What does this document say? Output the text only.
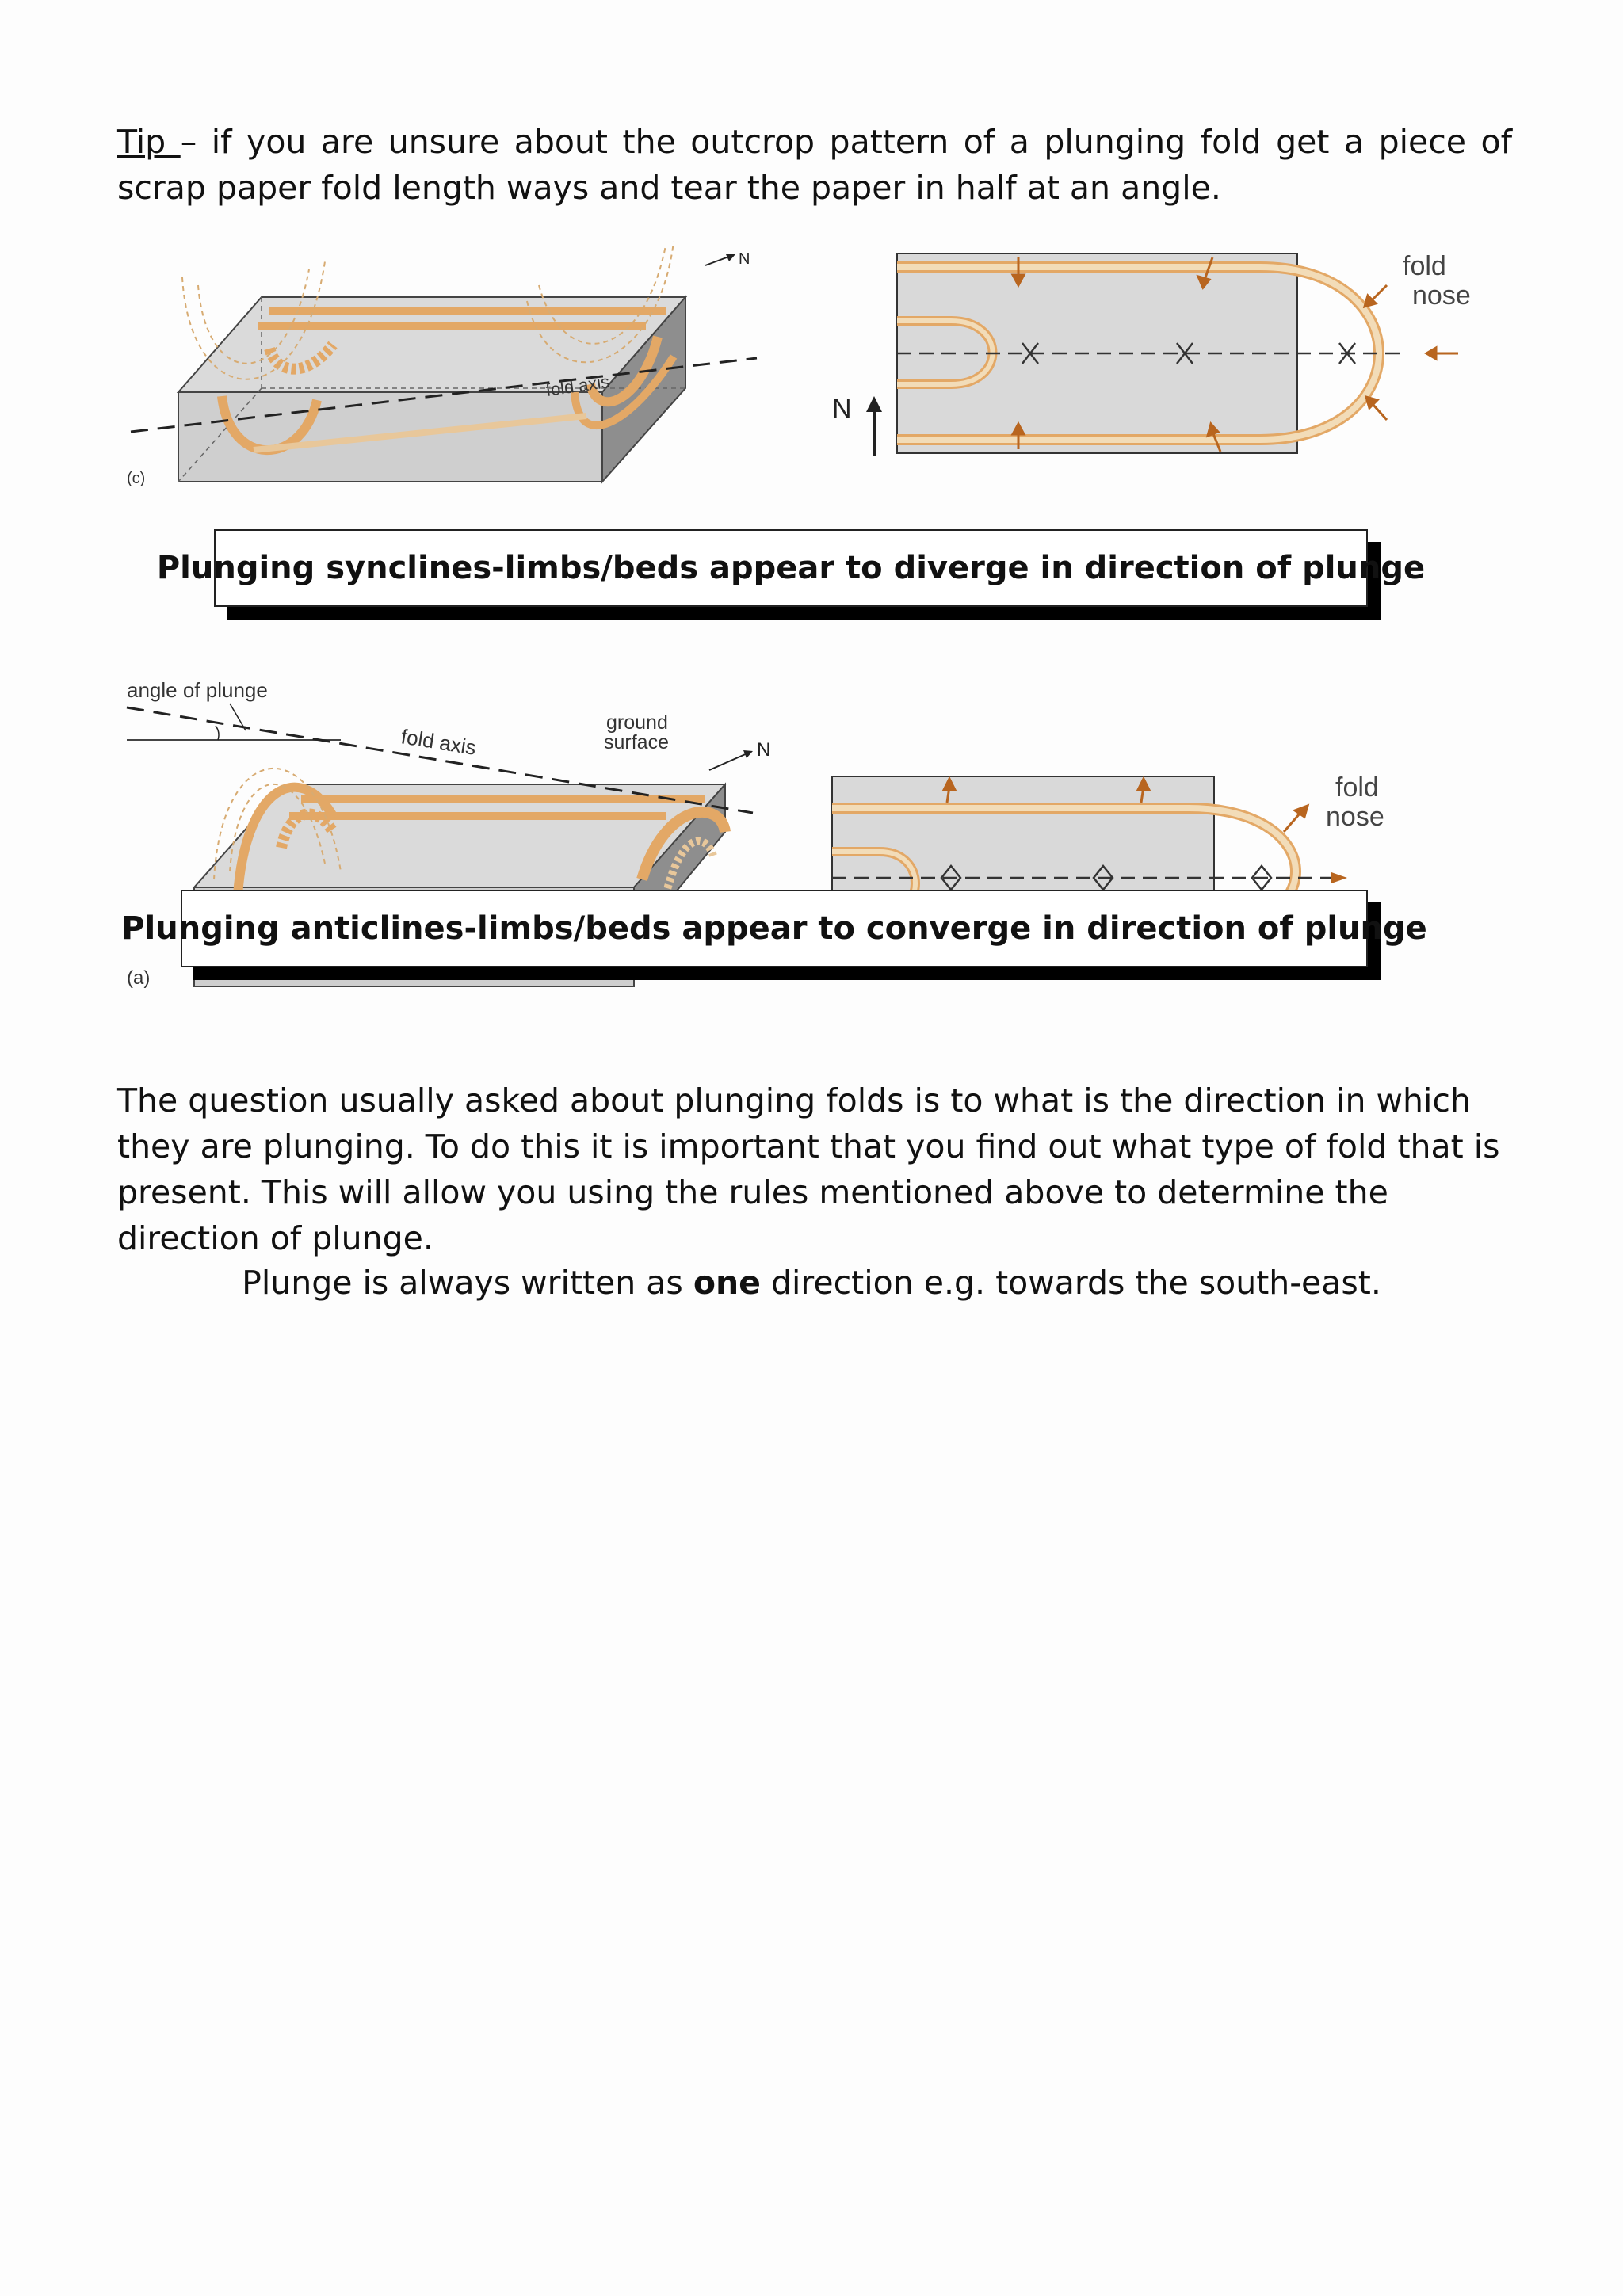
Tip – if you are unsure about the outcrop pattern of a plunging fold get a piece of scrap paper fold length ways and tear the paper in half at an angle.

fold axis
N
(c)
N
fold
nose
Plunging synclines-limbs/beds appear to diverge in direction of plunge
angle of plunge
fold axis
ground
surface	N
(a)
fold
nose
Plunging anticlines-limbs/beds appear to converge in direction of plunge

The question usually asked about plunging folds is to what is the direction in which they are plunging. To do this it is important that you find out what type of fold that is present. This will allow you using the rules mentioned above to determine the direction of plunge.

Plunge is always written as one direction e.g. towards the south-east.
